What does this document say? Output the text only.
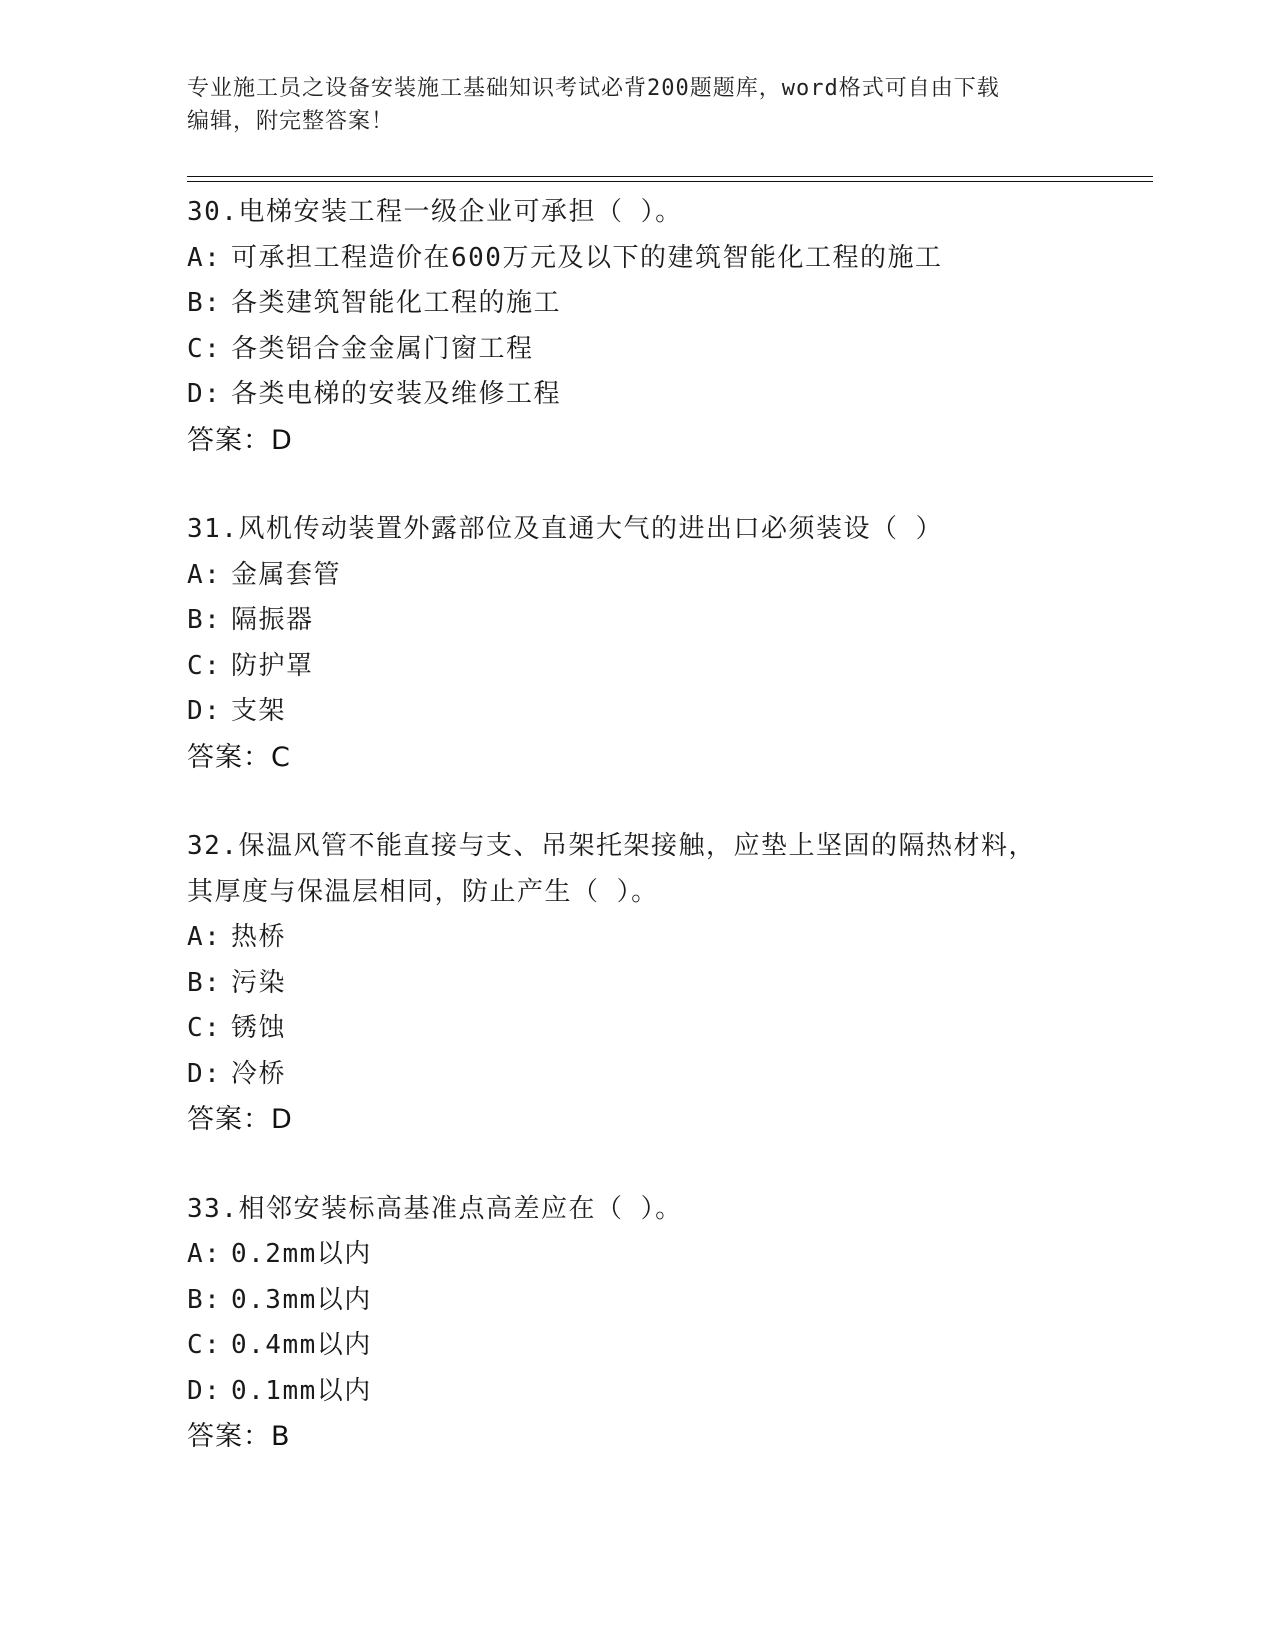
专业施工员之设备安装施工基础知识考试必背200题题库，word格式可自由下载
编辑，附完整答案！
30.电梯安装工程一级企业可承担（ ）。
A: 可承担工程造价在600万元及以下的建筑智能化工程的施工
B: 各类建筑智能化工程的施工
C: 各类铝合金金属门窗工程
D: 各类电梯的安装及维修工程
答案：D
31.风机传动装置外露部位及直通大气的进出口必须装设（ ）
A: 金属套管
B: 隔振器
C: 防护罩
D: 支架
答案：C
32.保温风管不能直接与支、吊架托架接触，应垫上坚固的隔热材料，
其厚度与保温层相同，防止产生（ ）。
A: 热桥
B: 污染
C: 锈蚀
D: 冷桥
答案：D
33.相邻安装标高基准点高差应在（ ）。
A: 0.2mm以内
B: 0.3mm以内
C: 0.4mm以内
D: 0.1mm以内
答案：B
